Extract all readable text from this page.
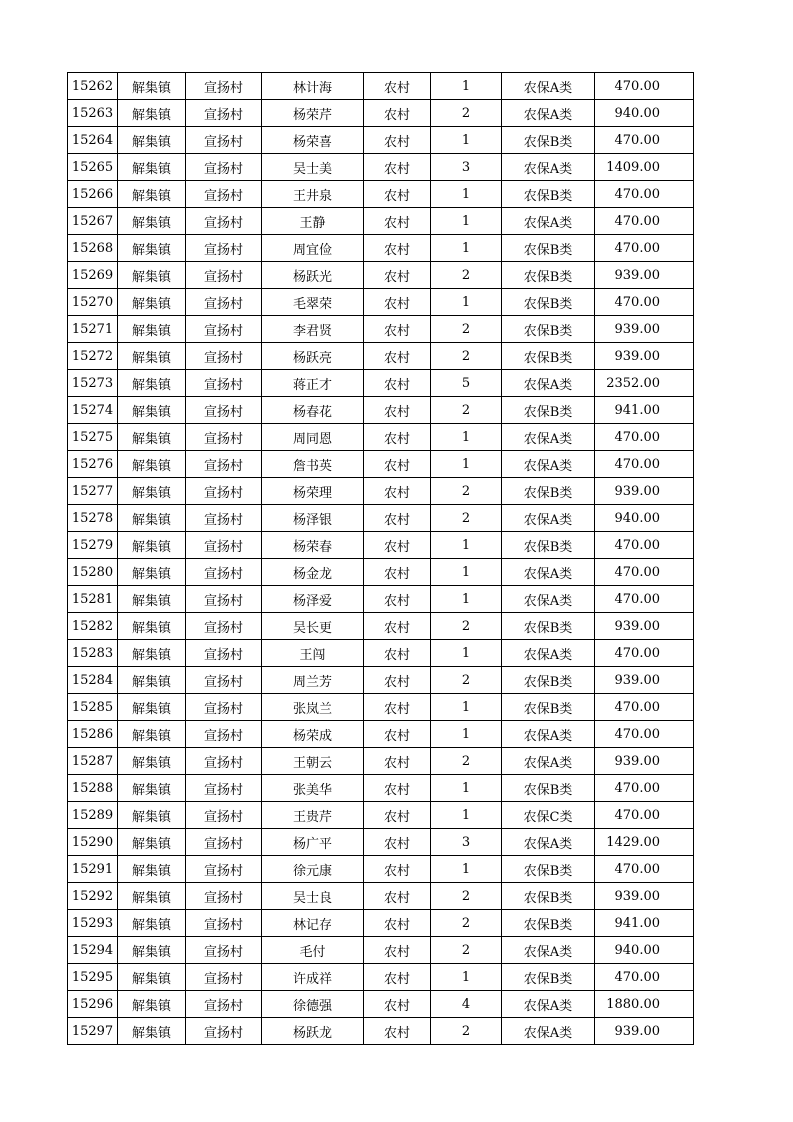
15262	解集镇	宣扬村	林计海	农村	1	农保A类	470.00
15263	解集镇	宣扬村	杨荣芹	农村	2	农保A类	940.00
15264	解集镇	宣扬村	杨荣喜	农村	1	农保B类	470.00
15265	解集镇	宣扬村	吴士美	农村	3	农保A类	1409.00
15266	解集镇	宣扬村	王井泉	农村	1	农保B类	470.00
15267	解集镇	宣扬村	王静	农村	1	农保A类	470.00
15268	解集镇	宣扬村	周宜俭	农村	1	农保B类	470.00
15269	解集镇	宣扬村	杨跃光	农村	2	农保B类	939.00
15270	解集镇	宣扬村	毛翠荣	农村	1	农保B类	470.00
15271	解集镇	宣扬村	李君贤	农村	2	农保B类	939.00
15272	解集镇	宣扬村	杨跃亮	农村	2	农保B类	939.00
15273	解集镇	宣扬村	蒋正才	农村	5	农保A类	2352.00
15274	解集镇	宣扬村	杨春花	农村	2	农保B类	941.00
15275	解集镇	宣扬村	周同恩	农村	1	农保A类	470.00
15276	解集镇	宣扬村	詹书英	农村	1	农保A类	470.00
15277	解集镇	宣扬村	杨荣理	农村	2	农保B类	939.00
15278	解集镇	宣扬村	杨泽银	农村	2	农保A类	940.00
15279	解集镇	宣扬村	杨荣春	农村	1	农保B类	470.00
15280	解集镇	宣扬村	杨金龙	农村	1	农保A类	470.00
15281	解集镇	宣扬村	杨泽爱	农村	1	农保A类	470.00
15282	解集镇	宣扬村	吴长更	农村	2	农保B类	939.00
15283	解集镇	宣扬村	王闯	农村	1	农保A类	470.00
15284	解集镇	宣扬村	周兰芳	农村	2	农保B类	939.00
15285	解集镇	宣扬村	张岚兰	农村	1	农保B类	470.00
15286	解集镇	宣扬村	杨荣成	农村	1	农保A类	470.00
15287	解集镇	宣扬村	王朝云	农村	2	农保A类	939.00
15288	解集镇	宣扬村	张美华	农村	1	农保B类	470.00
15289	解集镇	宣扬村	王贵芹	农村	1	农保C类	470.00
15290	解集镇	宣扬村	杨广平	农村	3	农保A类	1429.00
15291	解集镇	宣扬村	徐元康	农村	1	农保B类	470.00
15292	解集镇	宣扬村	吴士良	农村	2	农保B类	939.00
15293	解集镇	宣扬村	林记存	农村	2	农保B类	941.00
15294	解集镇	宣扬村	毛付	农村	2	农保A类	940.00
15295	解集镇	宣扬村	许成祥	农村	1	农保B类	470.00
15296	解集镇	宣扬村	徐德强	农村	4	农保A类	1880.00
15297	解集镇	宣扬村	杨跃龙	农村	2	农保A类	939.00
